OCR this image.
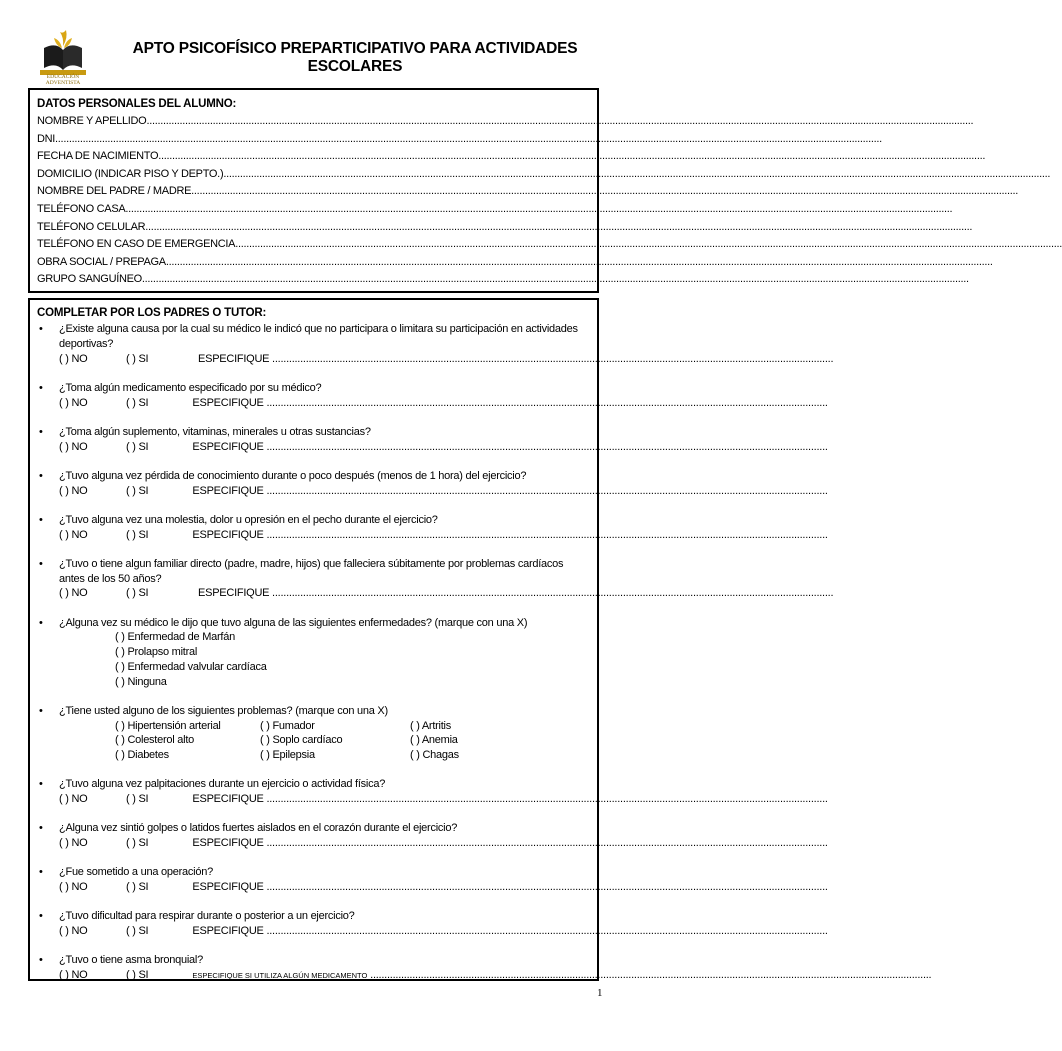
EDUCACIÓN ADVENTISTA
APTO PSICOFÍSICO PREPARTICIPATIVO PARA ACTIVIDADES
ESCOLARES
DATOS PERSONALES DEL ALUMNO:
NOMBRE Y APELLIDO............................................................................................................................................................................................................................................................................................................
DNI............................................................................................................................................................................................................................................................................................................
FECHA DE NACIMIENTO............................................................................................................................................................................................................................................................................................................
DOMICILIO (INDICAR PISO Y DEPTO.)............................................................................................................................................................................................................................................................................................................
NOMBRE DEL PADRE / MADRE............................................................................................................................................................................................................................................................................................................
TELÉFONO CASA............................................................................................................................................................................................................................................................................................................
TELÉFONO CELULAR............................................................................................................................................................................................................................................................................................................
TELÉFONO EN CASO DE EMERGENCIA............................................................................................................................................................................................................................................................................................................
OBRA SOCIAL / PREPAGA............................................................................................................................................................................................................................................................................................................
GRUPO SANGUÍNEO............................................................................................................................................................................................................................................................................................................
COMPLETAR POR LOS PADRES O TUTOR:
• ¿Existe alguna causa por la cual su médico le indicó que no participara o limitara su participación en actividades deportivas?
( ) NO	( ) SI	ESPECIFIQUE ........................................................................................................................................................................................................
• ¿Toma algún medicamento especificado por su médico?
( ) NO	( ) SI	ESPECIFIQUE ........................................................................................................................................................................................................
• ¿Toma algún suplemento, vitaminas, minerales u otras sustancias?
( ) NO	( ) SI	ESPECIFIQUE ........................................................................................................................................................................................................
• ¿Tuvo alguna vez pérdida de conocimiento durante o poco después (menos de 1 hora) del ejercicio?
( ) NO	( ) SI	ESPECIFIQUE ........................................................................................................................................................................................................
• ¿Tuvo alguna vez una molestia, dolor u opresión en el pecho durante el ejercicio?
( ) NO	( ) SI	ESPECIFIQUE ........................................................................................................................................................................................................
• ¿Tuvo o tiene algun familiar directo (padre, madre, hijos) que falleciera súbitamente por problemas cardíacos antes de los 50 años?
( ) NO	( ) SI	ESPECIFIQUE ........................................................................................................................................................................................................
• ¿Alguna vez su médico le dijo que tuvo alguna de las siguientes enfermedades? (marque con una X)
( ) Enfermedad de Marfán
( ) Prolapso mitral
( ) Enfermedad valvular cardíaca
( ) Ninguna
• ¿Tiene usted alguno de los siguientes problemas? (marque con una X)
( ) Hipertensión arterial	( ) Fumador	( ) Artritis
( ) Colesterol alto	( ) Soplo cardíaco	( ) Anemia
( ) Diabetes	( ) Epilepsia	( ) Chagas
• ¿Tuvo alguna vez palpitaciones durante un ejercicio o actividad física?
( ) NO	( ) SI	ESPECIFIQUE ........................................................................................................................................................................................................
• ¿Alguna vez sintió golpes o latidos fuertes aislados en el corazón durante el ejercicio?
( ) NO	( ) SI	ESPECIFIQUE ........................................................................................................................................................................................................
• ¿Fue sometido a una operación?
( ) NO	( ) SI	ESPECIFIQUE ........................................................................................................................................................................................................
• ¿Tuvo dificultad para respirar durante o posterior a un ejercicio?
( ) NO	( ) SI	ESPECIFIQUE ........................................................................................................................................................................................................
• ¿Tuvo o tiene asma bronquial?
( ) NO	( ) SI	ESPECIFIQUE SI UTILIZA ALGÚN MEDICAMENTO ........................................................................................................................................................................................................
1
